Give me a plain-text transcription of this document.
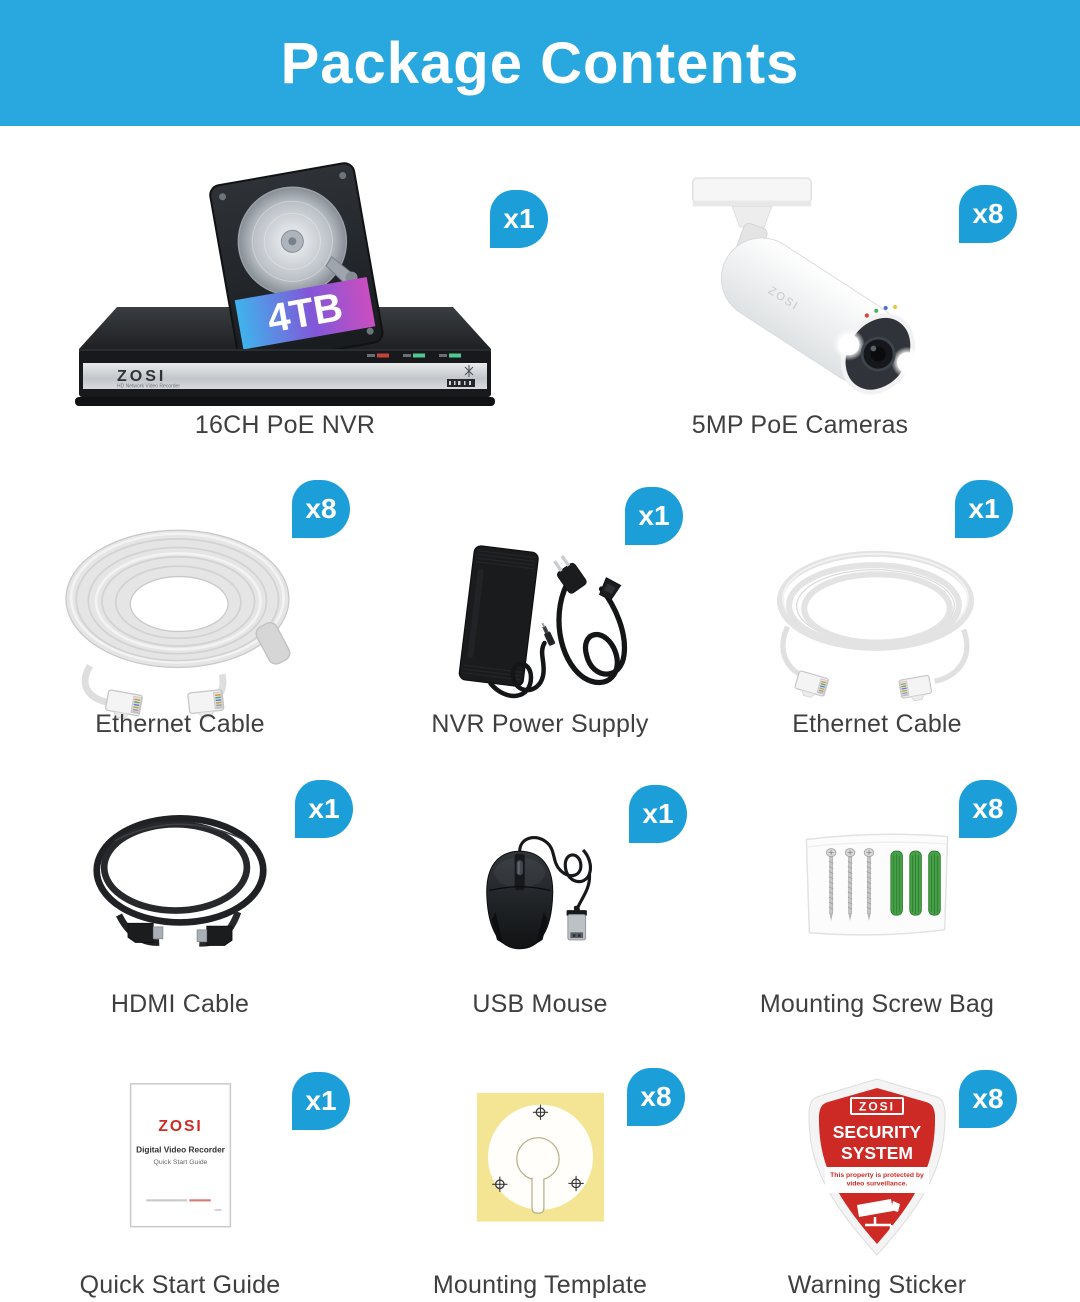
Package Contents
x1
4TB
ZOSI
HD Network Video Recorder
16CH PoE NVR
x8
ZOSI
5MP PoE Cameras
x8
Ethernet Cable
x1
NVR Power Supply
x1
Ethernet Cable
x1
HDMI Cable
x1
USB Mouse
x8
Mounting Screw Bag
x1
ZOSI
Digital Video Recorder
Quick Start Guide
Quick Start Guide
x8
Mounting Template
x8
ZOSI
SECURITY
SYSTEM
This property is protected by
video surveillance.
Warning Sticker
